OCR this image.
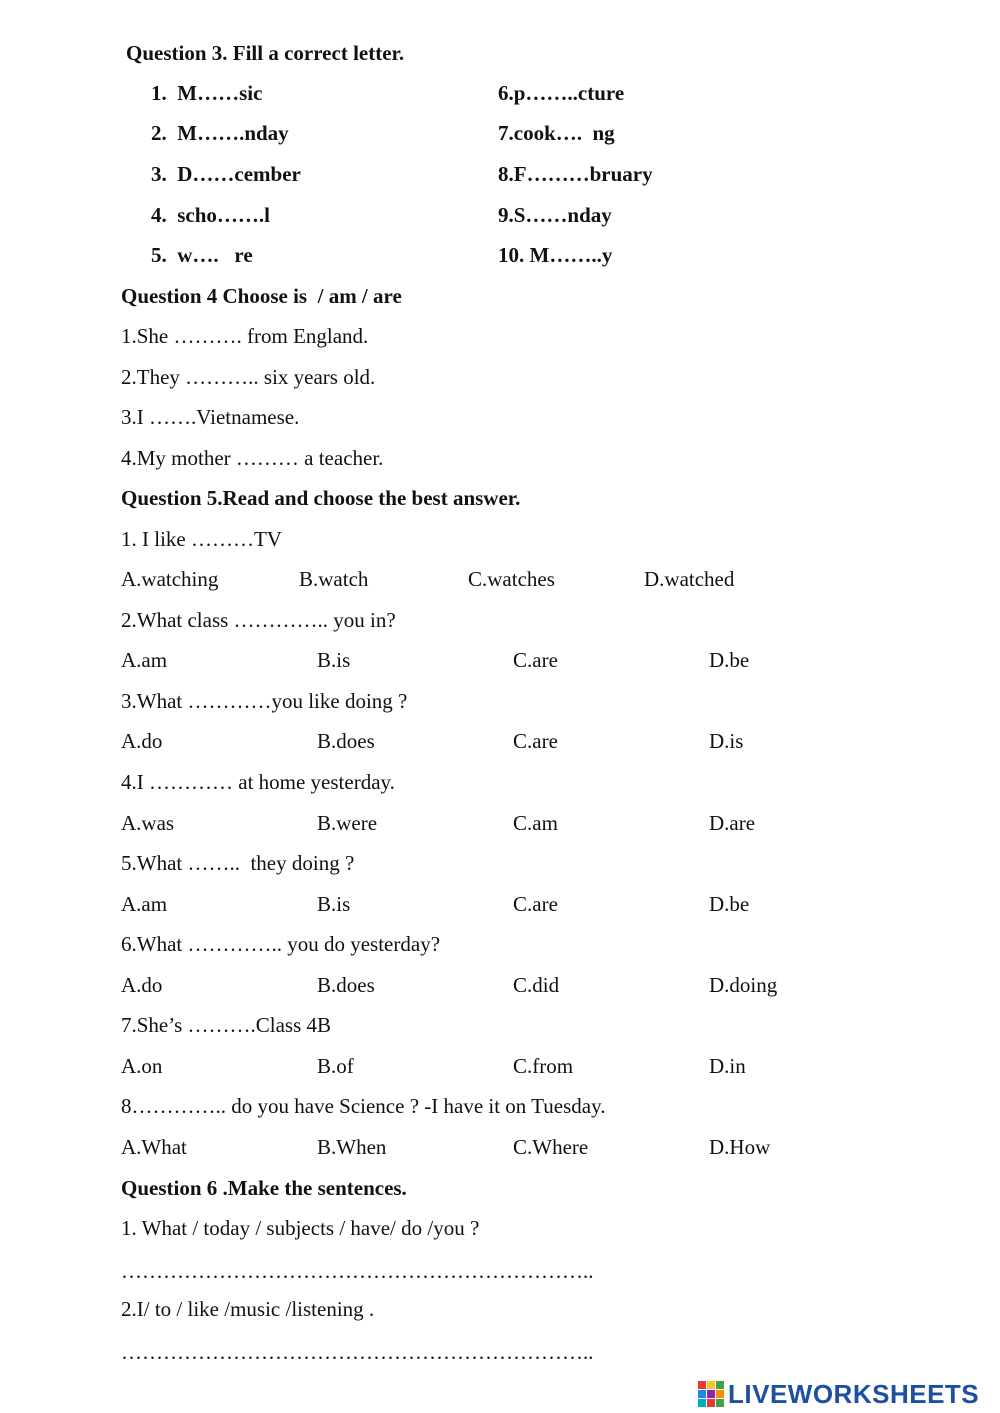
Question 3. Fill a correct letter.
1. M……sic
2. M…….nday
3. D……cember
4. scho…….l
5. w….   re
6.p……..cture
7.cook….  ng
8.F………bruary
9.S……nday
10. M……..y
Question 4 Choose is  / am / are
1.She ………. from England.
2.They ……….. six years old.
3.I …….Vietnamese.
4.My mother ……… a teacher.
Question 5.Read and choose the best answer.
1. I like ………TV
A.watching	B.watch	C.watches	D.watched
2.What class ………….. you in?
A.am	B.is	C.are	D.be
3.What …………you like doing ?
A.do	B.does	C.are	D.is
4.I ………… at home yesterday.
A.was	B.were	C.am	D.are
5.What ……..  they doing ?
A.am	B.is	C.are	D.be
6.What ………….. you do yesterday?
A.do	B.does	C.did	D.doing
7.She’s ……….Class 4B
A.on	B.of	C.from	D.in
8………….. do you have Science ? -I have it on Tuesday.
A.What	B.When	C.Where	D.How
Question 6 .Make the sentences.
1. What / today / subjects / have/ do /you ?
…………………………………………………………..
2.I/ to / like /music /listening .
…………………………………………………………..
LIVEWORKSHEETS
